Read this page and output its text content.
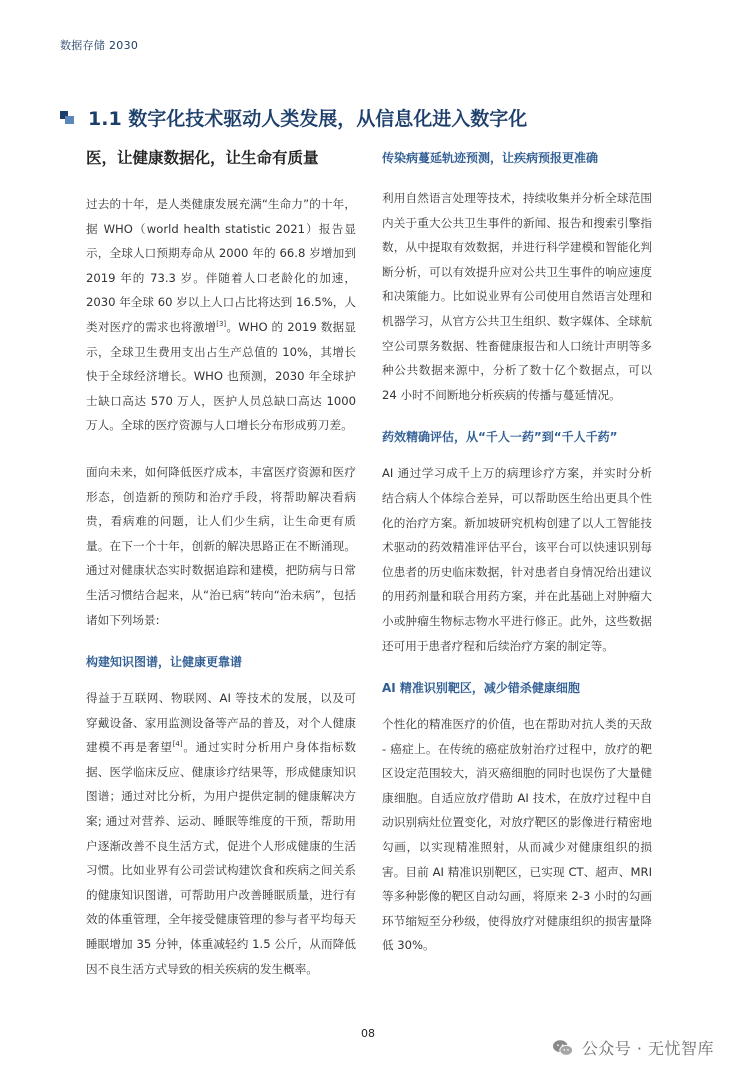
数据存储 2030
1.1 数字化技术驱动人类发展，从信息化进入数字化
医，让健康数据化，让生命有质量

过去的十年，是人类健康发展充满“生命力”的十年，据 WHO（world health statistic 2021）报告显示，全球人口预期寿命从 2000 年的 66.8 岁增加到 2019 年的 73.3 岁。伴随着人口老龄化的加速，2030 年全球 60 岁以上人口占比将达到 16.5%，人类对医疗的需求也将激增[3]。WHO 的 2019 数据显示，全球卫生费用支出占生产总值的 10%，其增长快于全球经济增长。WHO 也预测，2030 年全球护士缺口高达 570 万人，医护人员总缺口高达 1000 万人。全球的医疗资源与人口增长分布形成剪刀差。

面向未来，如何降低医疗成本，丰富医疗资源和医疗形态，创造新的预防和治疗手段，将帮助解决看病贵，看病难的问题，让人们少生病，让生命更有质量。在下一个十年，创新的解决思路正在不断涌现。通过对健康状态实时数据追踪和建模，把防病与日常生活习惯结合起来，从“治已病”转向“治未病”，包括诸如下列场景:

构建知识图谱，让健康更靠谱

得益于互联网、物联网、AI 等技术的发展，以及可穿戴设备、家用监测设备等产品的普及，对个人健康建模不再是奢望[4]。通过实时分析用户身体指标数据、医学临床反应、健康诊疗结果等，形成健康知识图谱；通过对比分析，为用户提供定制的健康解决方案; 通过对营养、运动、睡眠等维度的干预，帮助用户逐渐改善不良生活方式，促进个人形成健康的生活习惯。比如业界有公司尝试构建饮食和疾病之间关系的健康知识图谱，可帮助用户改善睡眠质量，进行有效的体重管理，全年接受健康管理的参与者平均每天睡眠增加 35 分钟，体重减轻约 1.5 公斤，从而降低因不良生活方式导致的相关疾病的发生概率。

传染病蔓延轨迹预测，让疾病预报更准确

利用自然语言处理等技术，持续收集并分析全球范围内关于重大公共卫生事件的新闻、报告和搜索引擎指数，从中提取有效数据，并进行科学建模和智能化判断分析，可以有效提升应对公共卫生事件的响应速度和决策能力。比如说业界有公司使用自然语言处理和机器学习，从官方公共卫生组织、数字媒体、全球航空公司票务数据、牲畜健康报告和人口统计声明等多种公共数据来源中，分析了数十亿个数据点，可以 24 小时不间断地分析疾病的传播与蔓延情况。

药效精确评估，从“千人一药”到“千人千药”

AI 通过学习成千上万的病理诊疗方案，并实时分析结合病人个体综合差异，可以帮助医生给出更具个性化的治疗方案。新加坡研究机构创建了以人工智能技术驱动的药效精准评估平台，该平台可以快速识别每位患者的历史临床数据，针对患者自身情况给出建议的用药剂量和联合用药方案，并在此基础上对肿瘤大小或肿瘤生物标志物水平进行修正。此外，这些数据还可用于患者疗程和后续治疗方案的制定等。

AI 精准识别靶区，减少错杀健康细胞

个性化的精准医疗的价值，也在帮助对抗人类的天敌 - 癌症上。在传统的癌症放射治疗过程中，放疗的靶区设定范围较大，消灭癌细胞的同时也误伤了大量健康细胞。自适应放疗借助 AI 技术，在放疗过程中自动识别病灶位置变化，对放疗靶区的影像进行精密地勾画，以实现精准照射，从而减少对健康组织的损害。目前 AI 精准识别靶区，已实现 CT、超声、MRI 等多种影像的靶区自动勾画，将原来 2-3 小时的勾画环节缩短至分秒级，使得放疗对健康组织的损害量降低 30%。

08
公众号 · 无忧智库
